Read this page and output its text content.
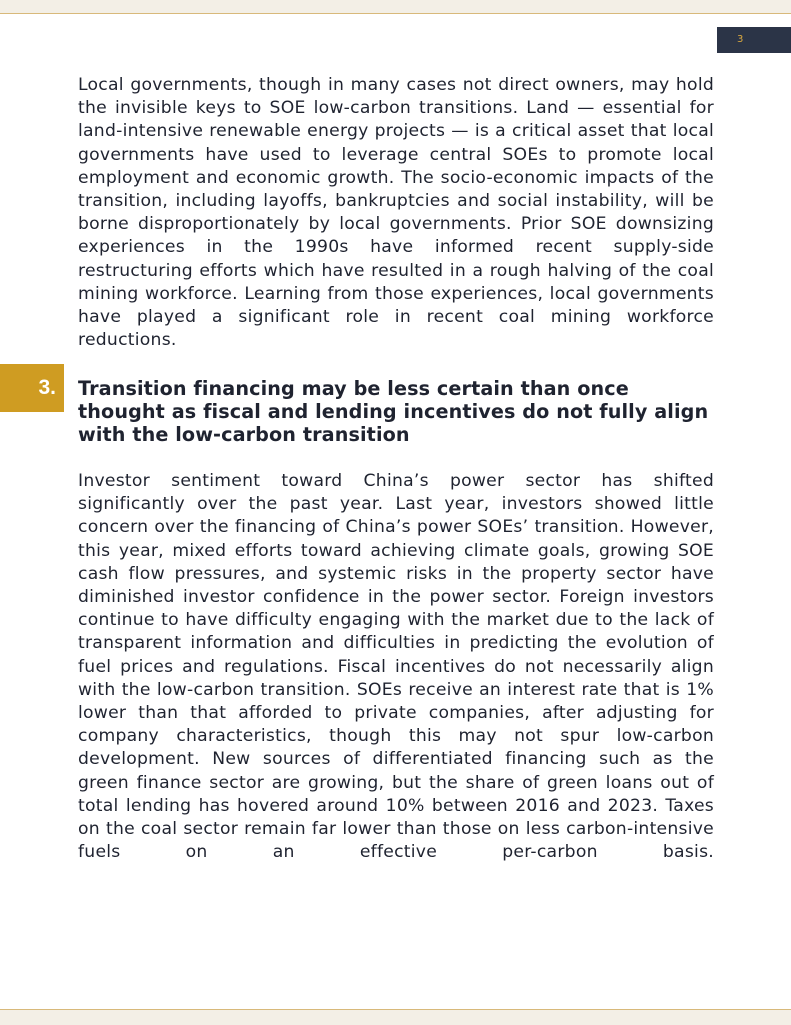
3

Local governments, though in many cases not direct owners, may hold the invisible keys to SOE low-carbon transitions. Land — essential for land-intensive renewable energy projects — is a critical asset that local governments have used to leverage central SOEs to promote local employment and economic growth. The socio-economic impacts of the transition, including layoffs, bankruptcies and social instability, will be borne disproportionately by local governments. Prior SOE downsizing experiences in the 1990s have informed recent supply-side restructuring efforts which have resulted in a rough halving of the coal mining workforce. Learning from those experiences, local governments have played a significant role in recent coal mining workforce reductions.

3.	Transition financing may be less certain than once thought as fiscal and lending incentives do not fully align with the low-carbon transition

Investor sentiment toward China’s power sector has shifted significantly over the past year. Last year, investors showed little concern over the financing of China’s power SOEs’ transition. However, this year, mixed efforts toward achieving climate goals, growing SOE cash flow pressures, and systemic risks in the property sector have diminished investor confidence in the power sector. Foreign investors continue to have difficulty engaging with the market due to the lack of transparent information and difficulties in predicting the evolution of fuel prices and regulations. Fiscal incentives do not necessarily align with the low-carbon transition. SOEs receive an interest rate that is 1% lower than that afforded to private companies, after adjusting for company characteristics, though this may not spur low-carbon development. New sources of differentiated financing such as the green finance sector are growing, but the share of green loans out of total lending has hovered around 10% between 2016 and 2023. Taxes on the coal sector remain far lower than those on less carbon-intensive fuels on an effective per-carbon basis.
